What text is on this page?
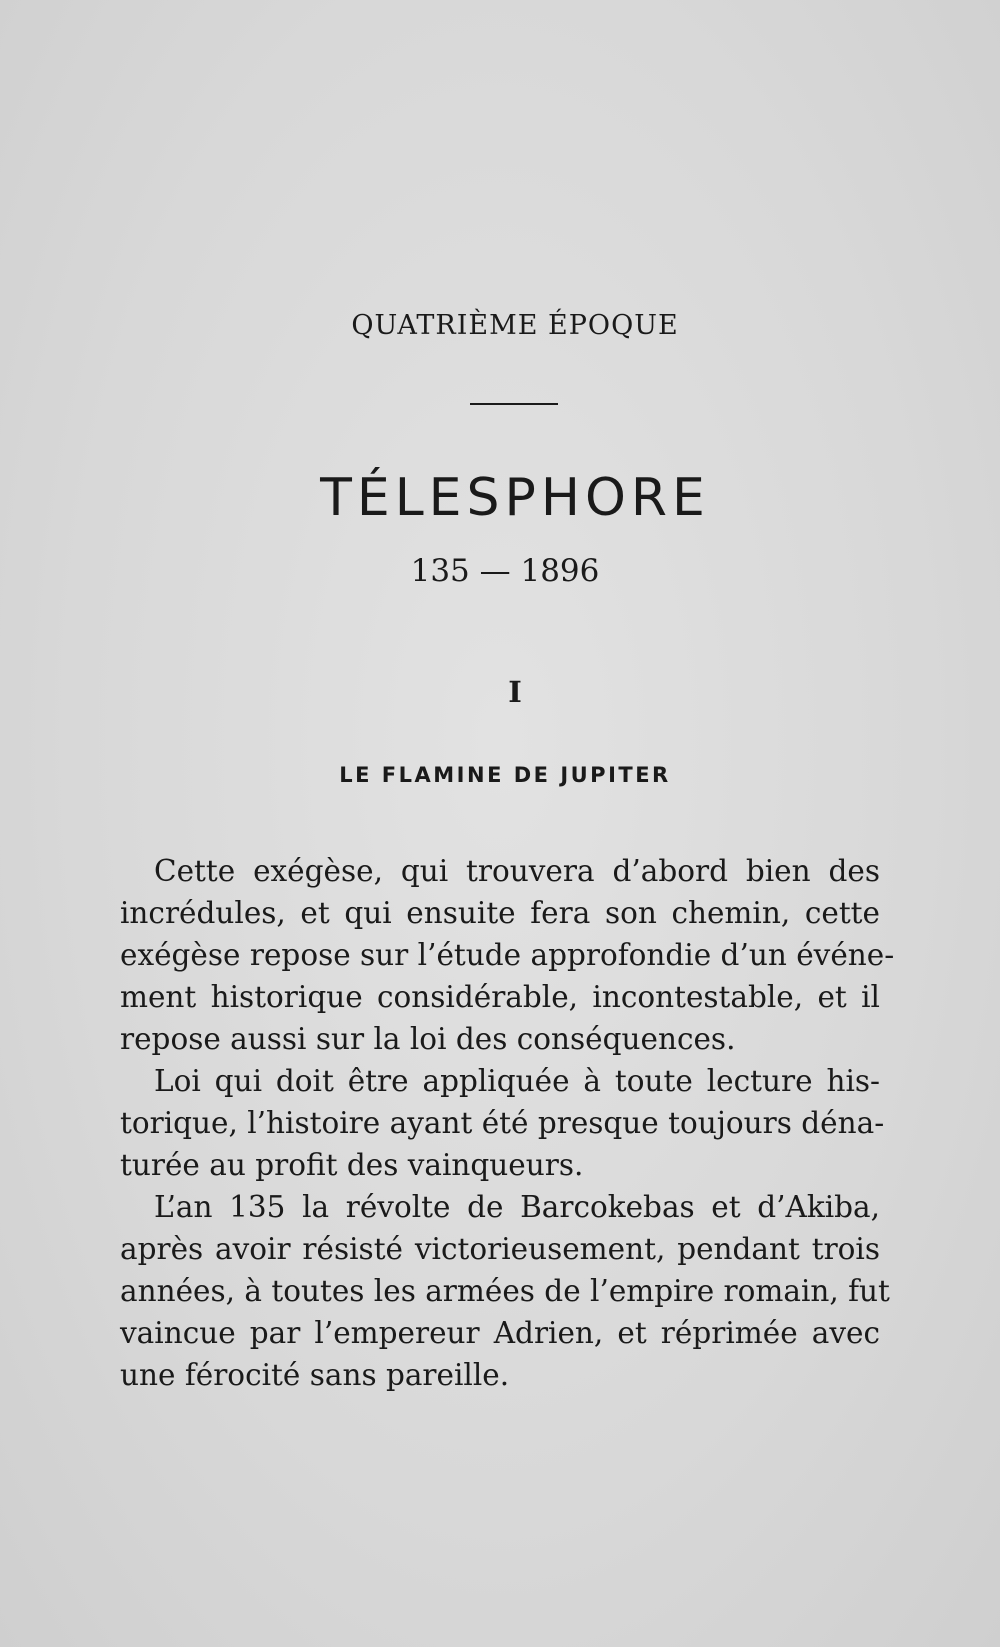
QUATRIÈME ÉPOQUE
TÉLESPHORE
135 — 1896
I
LE FLAMINE DE JUPITER
Cette exégèse, qui trouvera d’abord bien des
incrédules, et qui ensuite fera son chemin, cette
exégèse repose sur l’étude approfondie d’un événe-
ment historique considérable, incontestable, et il
repose aussi sur la loi des conséquences.
Loi qui doit être appliquée à toute lecture his-
torique, l’histoire ayant été presque toujours déna-
turée au profit des vainqueurs.
L’an 135 la révolte de Barcokebas et d’Akiba,
après avoir résisté victorieusement, pendant trois
années, à toutes les armées de l’empire romain, fut
vaincue par l’empereur Adrien, et réprimée avec
une férocité sans pareille.
